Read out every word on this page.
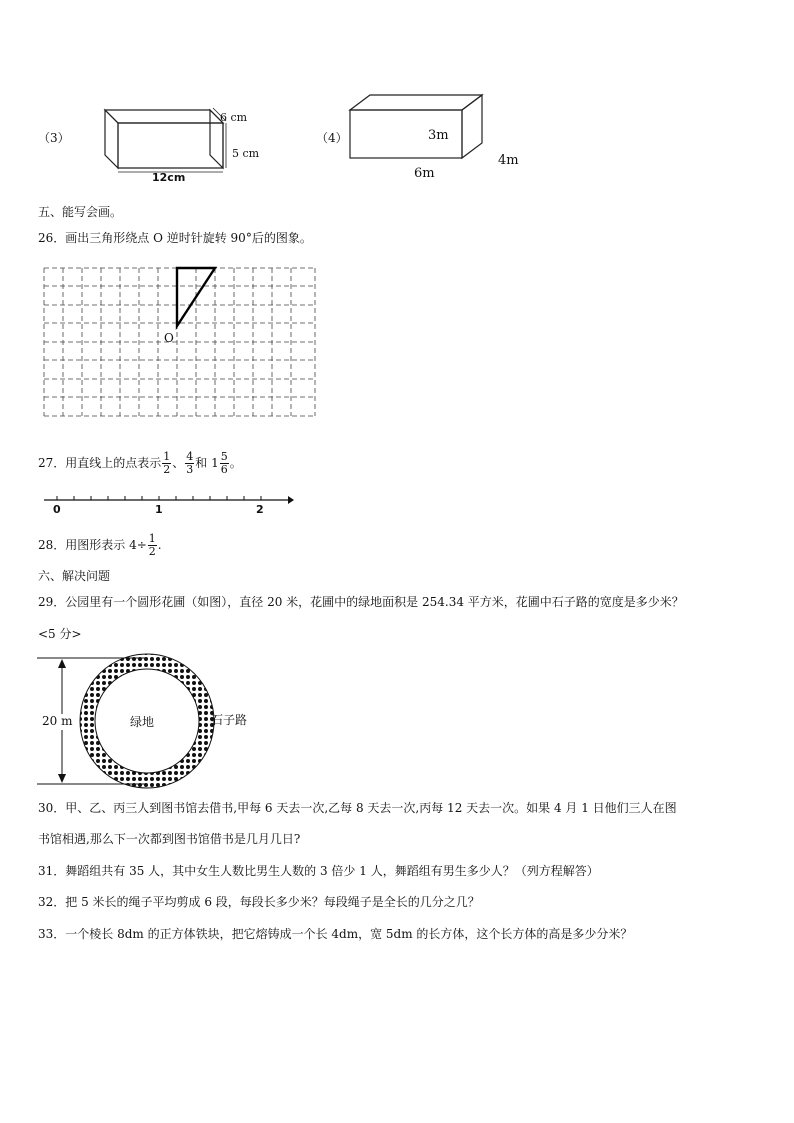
（3）
6 cm
5 cm
12cm
（4）	3m
6m
4m
五、能写会画。
26．画出三角形绕点 O 逆时针旋转 90°后的图象。
O
27．用直线上的点表示 $\frac{1}{2}$ 、 $\frac{4}{3}$ 和 $1 \frac{5}{6}$ 。
0	1	2
28．用图形表示 $4\div \frac{1}{2}$ .
六、解决问题
29．公园里有一个圆形花圃（如图），直径 20 米，花圃中的绿地面积是 254.34 平方米，花圃中石子路的宽度是多少米？
<5 分>
20 m	绿地	石子路
30．甲、乙、丙三人到图书馆去借书,甲每 6 天去一次,乙每 8 天去一次,丙每 12 天去一次。如果 4 月 1 日他们三人在图
书馆相遇,那么下一次都到图书馆借书是几月几日?
31．舞蹈组共有 35 人，其中女生人数比男生人数的 3 倍少 1 人，舞蹈组有男生多少人？（列方程解答）
32．把 5 米长的绳子平均剪成 6 段，每段长多少米？每段绳子是全长的几分之几？
33．一个棱长 8dm 的正方体铁块，把它熔铸成一个长 4dm，宽 5dm 的长方体，这个长方体的高是多少分米？
